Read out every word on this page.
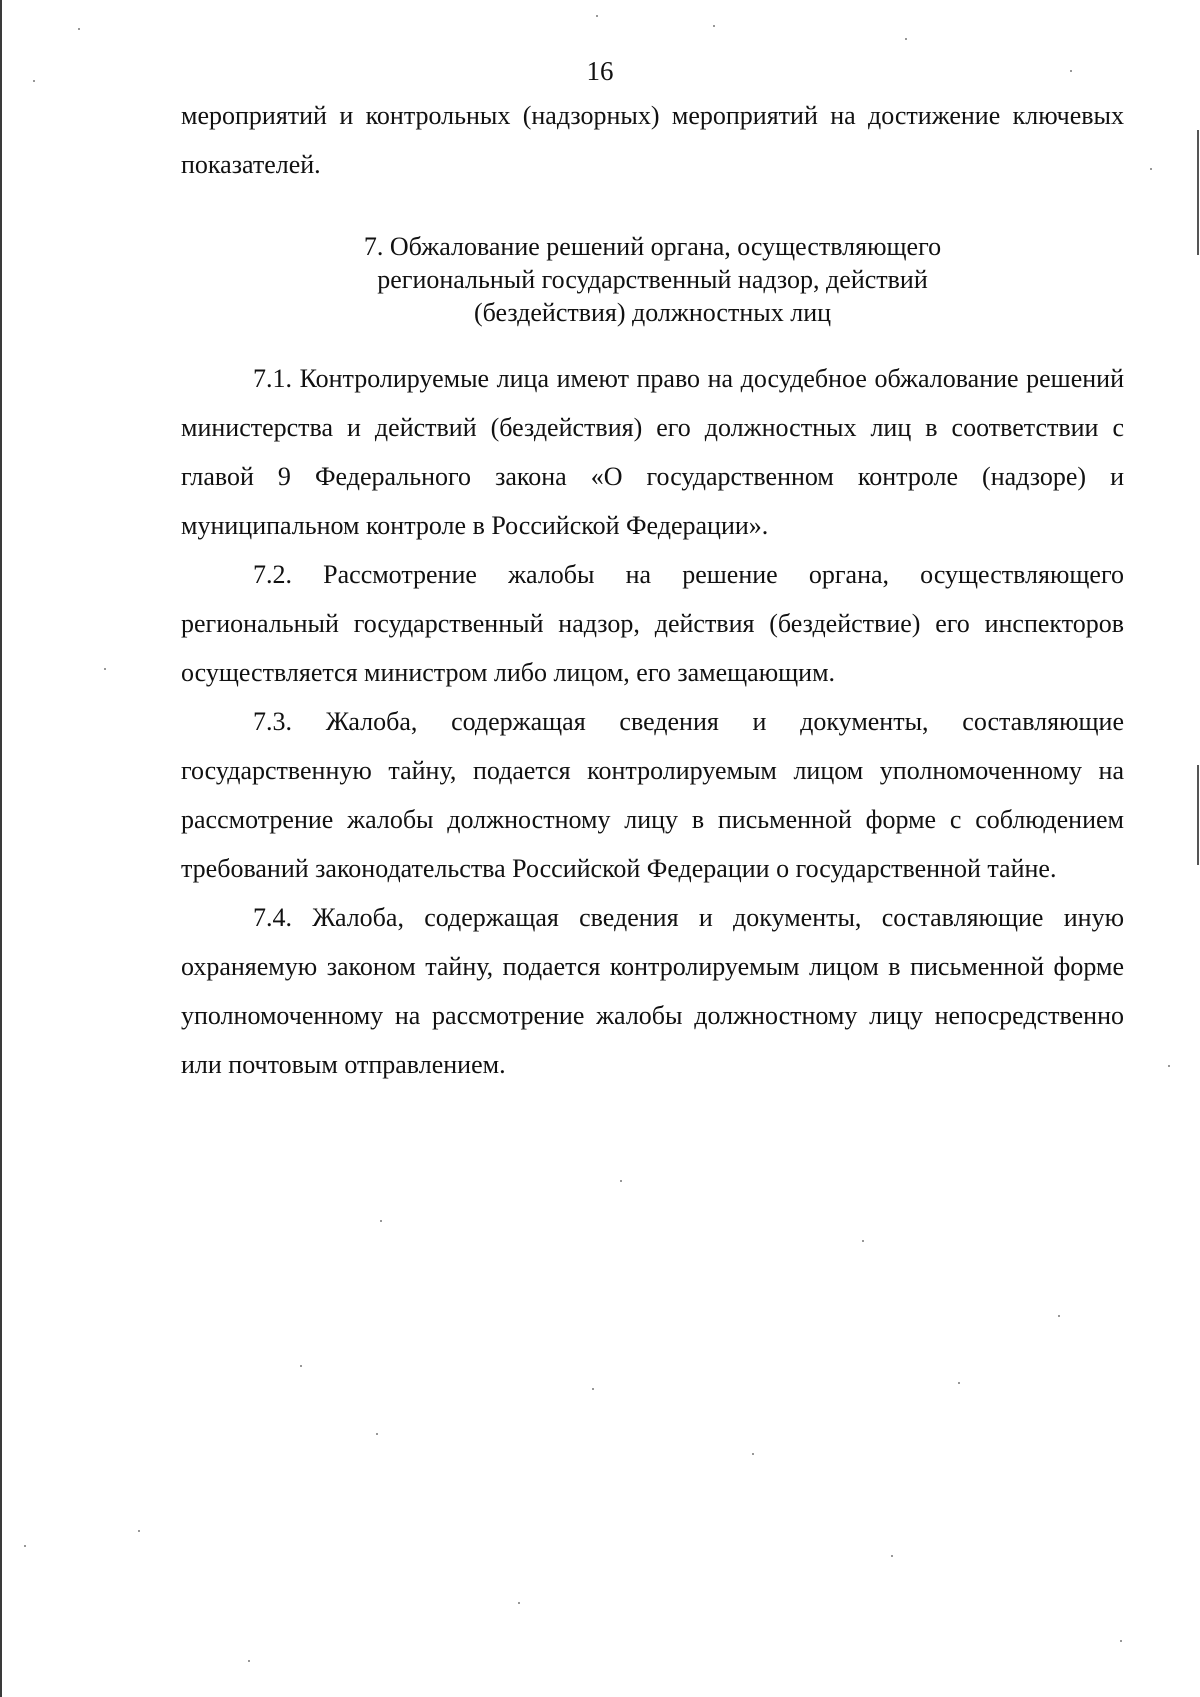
16

мероприятий и контрольных (надзорных) мероприятий на достижение ключевых показателей.

7. Обжалование решений органа, осуществляющего
региональный государственный надзор, действий
(бездействия) должностных лиц

7.1. Контролируемые лица имеют право на досудебное обжалование решений министерства и действий (бездействия) его должностных лиц в соответствии с главой 9 Федерального закона «О государственном контроле (надзоре) и муниципальном контроле в Российской Федерации».

7.2. Рассмотрение жалобы на решение органа, осуществляющего региональный государственный надзор, действия (бездействие) его инспекторов осуществляется министром либо лицом, его замещающим.

7.3. Жалоба, содержащая сведения и документы, составляющие государственную тайну, подается контролируемым лицом уполномоченному на рассмотрение жалобы должностному лицу в письменной форме с соблюдением требований законодательства Российской Федерации о государственной тайне.

7.4. Жалоба, содержащая сведения и документы, составляющие иную охраняемую законом тайну, подается контролируемым лицом в письменной форме уполномоченному на рассмотрение жалобы должностному лицу непосредственно или почтовым отправлением.
